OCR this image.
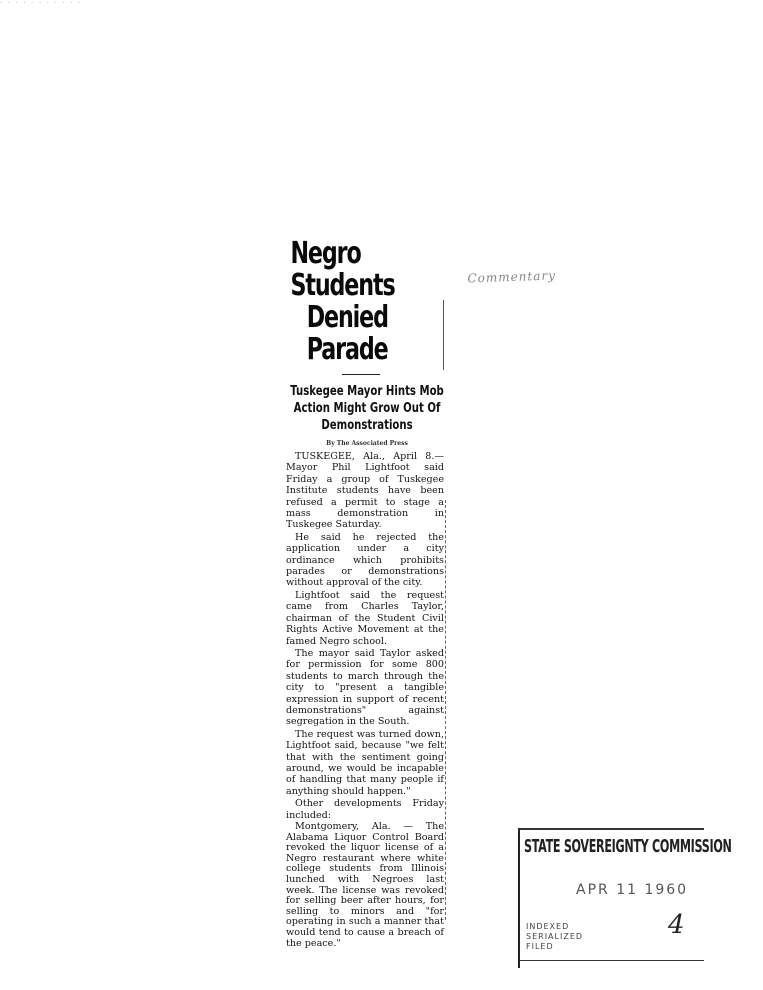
· · · · · · · · · · ·
Negro Students
Denied Parade
Tuskegee Mayor Hints Mob Action Might Grow Out Of Demonstrations
By The Associated Press

TUSKEGEE, Ala., April 8.—Mayor Phil Lightfoot said Friday a group of Tuskegee Institute students have been refused a permit to stage a mass demonstration in Tuskegee Saturday.

He said he rejected the application under a city ordinance which prohibits parades or demonstrations without approval of the city.

Lightfoot said the request came from Charles Taylor, chairman of the Student Civil Rights Active Movement at the famed Negro school.

The mayor said Taylor asked for permission for some 800 students to march through the city to "present a tangible expression in support of recent demonstrations" against segregation in the South.

The request was turned down, Lightfoot said, because "we felt that with the sentiment going around, we would be incapable of handling that many people if anything should happen."

Other developments Friday included:

Montgomery, Ala. — The Alabama Liquor Control Board revoked the liquor license of a Negro restaurant where white college students from Illinois lunched with Negroes last week. The license was revoked for selling beer after hours, for selling to minors and "for operating in such a manner that would tend to cause a breach of the peace."

Commentary
STATE SOVEREIGNTY COMMISSION
APR 11 1960
INDEXED
SERIALIZED
FILED
4
